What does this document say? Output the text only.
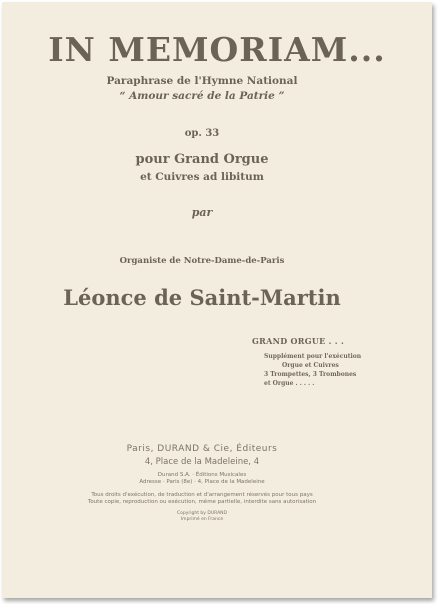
IN MEMORIAM...
Paraphrase de l'Hymne National
“ Amour sacré de la Patrie ”
op. 33
pour Grand Orgue
et Cuivres ad libitum
par
Organiste de Notre-Dame-de-Paris
Léonce de Saint-Martin
GRAND ORGUE . . .
Supplément pour l'exécution
Orgue et Cuivres
3 Trompettes, 3 Trombones
et Orgue . . . . .
Paris, DURAND & Cie, Éditeurs
4, Place de la Madeleine, 4
Durand S.A. · Éditions Musicales
Adresse · Paris (8e) · 4, Place de la Madeleine
Tous droits d'exécution, de traduction et d'arrangement réservés pour tous pays
Toute copie, reproduction ou exécution, même partielle, interdite sans autorisation
Copyright by DURAND
Imprimé en France
